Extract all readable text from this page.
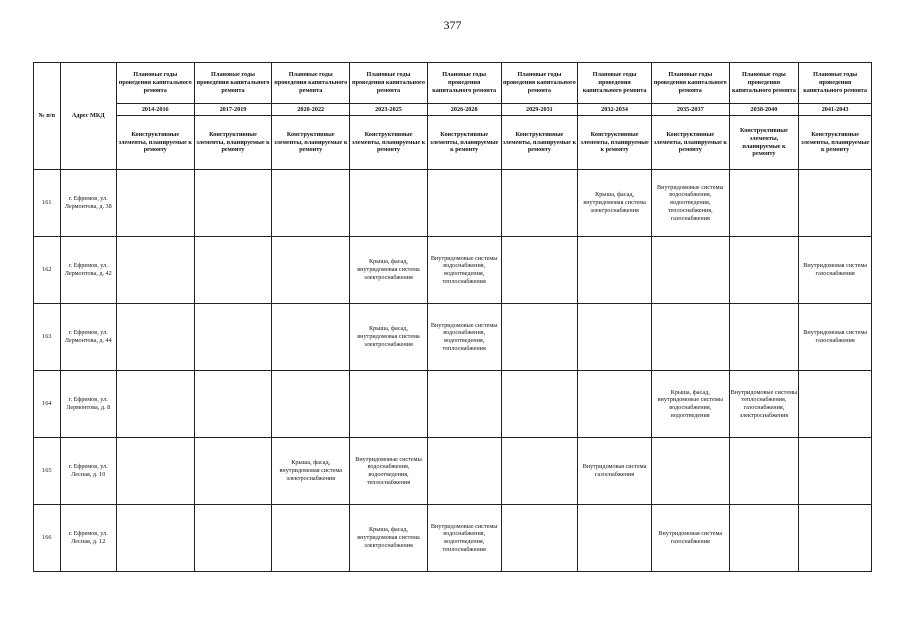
377
№ п/п	Адрес МКД	Плановые годы проведения капитального ремонта	Плановые годы проведения капитального ремонта	Плановые годы проведения капитального ремонта	Плановые годы проведения капитального ремонта	Плановые годы проведения капитального ремонта	Плановые годы проведения капитального ремонта	Плановые годы проведения капитального ремонта	Плановые годы проведения капитального ремонта	Плановые годы проведения капитального ремонта	Плановые годы проведения капитального ремонта
		2014-2016	2017-2019	2020-2022	2023-2025	2026-2028	2029-2031	2032-2034	2035-2037	2038-2040	2041-2043
		Конструктивные элементы, планируемые к ремонту	Конструктивные элементы, планируемые к ремонту	Конструктивные элементы, планируемые к ремонту	Конструктивные элементы, планируемые к ремонту	Конструктивные элементы, планируемые к ремонту	Конструктивные элементы, планируемые к ремонту	Конструктивные элементы, планируемые к ремонту	Конструктивные элементы, планируемые к ремонту	Конструктивные элементы, планируемые к ремонту	Конструктивные элементы, планируемые к ремонту
161	г. Ефремов, ул. Лермонтова, д. 38							Крыша, фасад, внутридомовая система электроснабжения	Внутридомовые системы водоснабжения, водоотведения, теплоснабжения, газоснабжения		
162	г. Ефремов, ул. Лермонтова, д. 42				Крыша, фасад, внутридомовая система электроснабжения	Внутридомовые системы водоснабжения, водоотведения, теплоснабжения					Внутридомовая система газоснабжения
163	г. Ефремов, ул. Лермонтова, д. 44				Крыша, фасад, внутридомовая система электроснабжения	Внутридомовые системы водоснабжения, водоотведения, теплоснабжения					Внутридомовая система газоснабжения
164	г. Ефремов, ул. Лермонтова, д. 8								Крыша, фасад, внутридомовые системы водоснабжения, водоотведения	Внутридомовые системы теплоснабжения, газоснабжения, электроснабжения	
165	г. Ефремов, ул. Лесная, д. 10			Крыша, фасад, внутридомовая система электроснабжения	Внутридомовые системы водоснабжения, водоотведения, теплоснабжения			Внутридомовая система газоснабжения			
166	г. Ефремов, ул. Лесная, д. 12				Крыша, фасад, внутридомовая система электроснабжения	Внутридомовые системы водоснабжения, водоотведения, теплоснабжения			Внутридомовая система газоснабжения		
